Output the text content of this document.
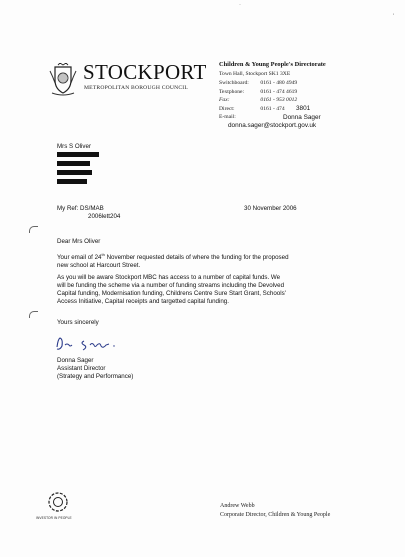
·
'
STOCKPORT
METROPOLITAN BOROUGH COUNCIL
Children & Young People's Directorate
Town Hall, Stockport SK1 3XE
Switchboard: 0161 - 480 4949
Textphone:	0161 - 474 4619
Fax:	0161 - 953 0012
Direct:	0161 - 474 3801
E-mail:	Donna Sager
donna.sager@stockport.gov.uk
Mrs S Oliver
My Ref: DS/MAB
2006lett204
30 November 2006
Dear Mrs Oliver

Your email of 24th November requested details of where the funding for the proposed

new school at Harcourt Street.

As you will be aware Stockport MBC has access to a number of capital funds. We

will be funding the scheme via a number of funding streams including the Devolved

Capital funding, Modernisation funding, Childrens Centre Sure Start Grant, Schools'

Access Initiative, Capital receipts and targetted capital funding.

Yours sincerely
Donna Sager
Assistant Director
(Strategy and Performance)
INVESTOR IN PEOPLE
Andrew Webb
Corporate Director, Children & Young People
